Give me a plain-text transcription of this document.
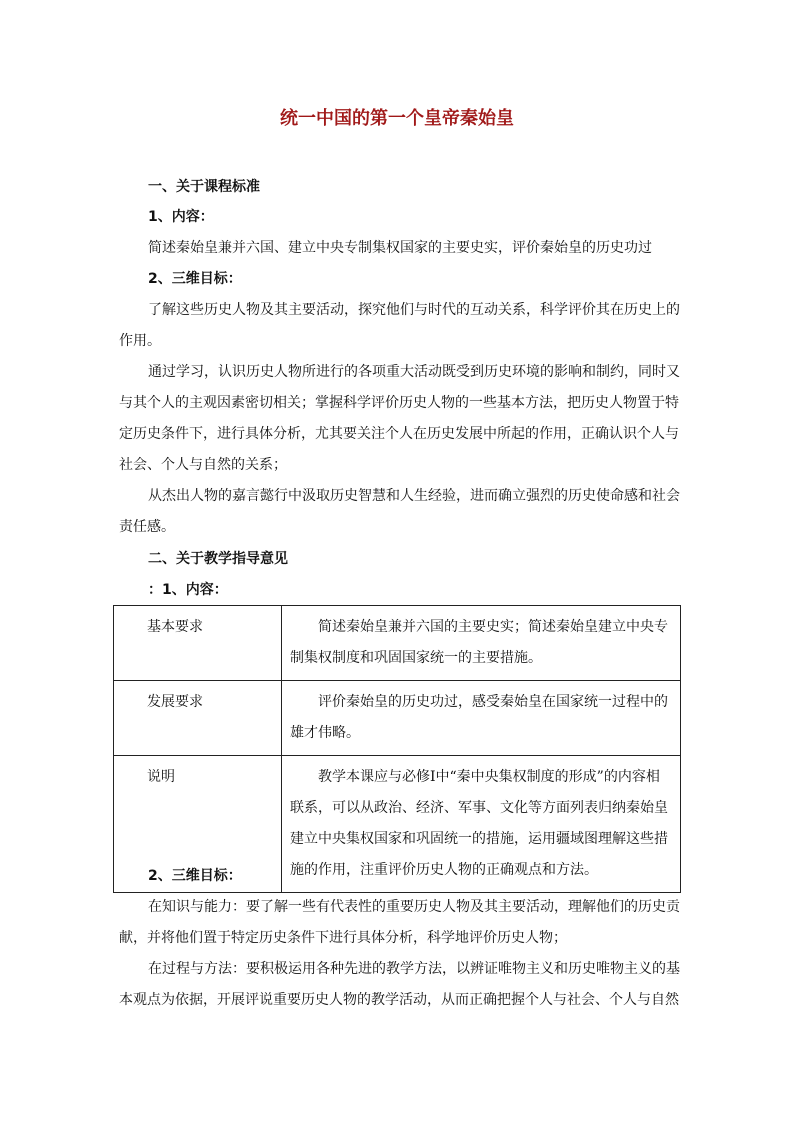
统一中国的第一个皇帝秦始皇
一、关于课程标准
1、内容：
简述秦始皇兼并六国、建立中央专制集权国家的主要史实，评价秦始皇的历史功过
2、三维目标：
了解这些历史人物及其主要活动，探究他们与时代的互动关系，科学评价其在历史上的
作用。
通过学习，认识历史人物所进行的各项重大活动既受到历史环境的影响和制约，同时又
与其个人的主观因素密切相关；掌握科学评价历史人物的一些基本方法，把历史人物置于特
定历史条件下，进行具体分析，尤其要关注个人在历史发展中所起的作用，正确认识个人与
社会、个人与自然的关系；
从杰出人物的嘉言懿行中汲取历史智慧和人生经验，进而确立强烈的历史使命感和社会
责任感。
二、关于教学指导意见
：1、内容：
基本要求	简述秦始皇兼并六国的主要史实；简述秦始皇建立中央专制集权制度和巩固国家统一的主要措施。
发展要求	评价秦始皇的历史功过，感受秦始皇在国家统一过程中的雄才伟略。
说明	教学本课应与必修Ⅰ中“秦中央集权制度的形成”的内容相联系，可以从政治、经济、军事、文化等方面列表归纳秦始皇建立中央集权国家和巩固统一的措施，运用疆域图理解这些措施的作用，注重评价历史人物的正确观点和方法。
2、三维目标：
在知识与能力：要了解一些有代表性的重要历史人物及其主要活动，理解他们的历史贡
献，并将他们置于特定历史条件下进行具体分析，科学地评价历史人物；
在过程与方法：要积极运用各种先进的教学方法，以辨证唯物主义和历史唯物主义的基
本观点为依据，开展评说重要历史人物的教学活动，从而正确把握个人与社会、个人与自然
